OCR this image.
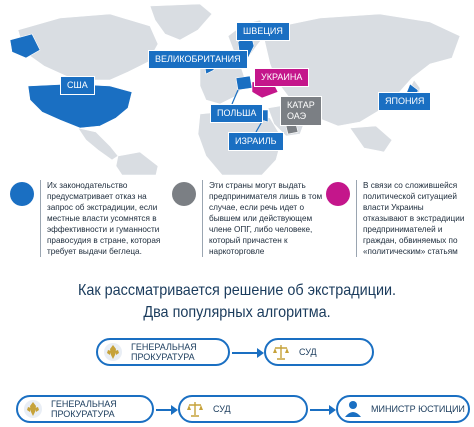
США
ВЕЛИКОБРИТАНИЯ
ШВЕЦИЯ
УКРАИНА
ПОЛЬША
ИЗРАИЛЬ
КАТАР
ОАЭ
ЯПОНИЯ

Их законодательство предусматривает отказ на запрос об экстрадиции, если местные власти усомнятся в эффективности и гуманности правосудия в стране, которая требует выдачи беглеца.

Эти страны могут выдать предпринимателя лишь в том случае, если речь идет о бывшем или действующем члене ОПГ, либо человеке, который причастен к наркоторговле

В связи со сложившейся политической ситуацией власти Украины отказывают в экстрадиции предпринимателей и граждан, обвиняемых по «политическим» статьям

Как рассматривается решение об экстрадиции.
Два популярных алгоритма.
ГЕНЕРАЛЬНАЯ
ПРОКУРАТУРА	СУД
ГЕНЕРАЛЬНАЯ
ПРОКУРАТУРА	СУД	МИНИСТР ЮСТИЦИИ
